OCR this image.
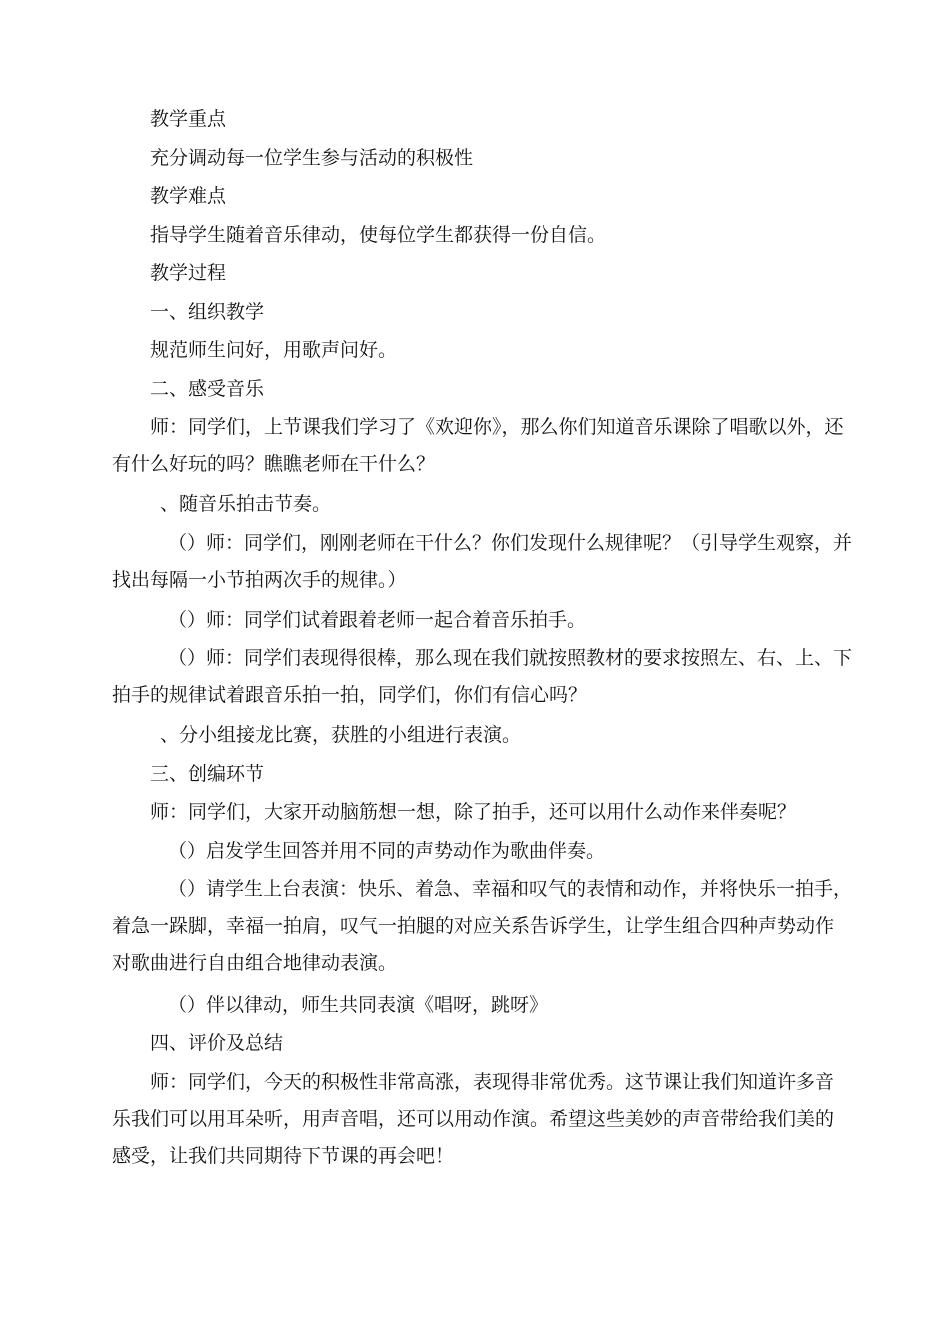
教学重点

充分调动每一位学生参与活动的积极性

教学难点

指导学生随着音乐律动，使每位学生都获得一份自信。

教学过程

一、组织教学

规范师生问好，用歌声问好。

二、感受音乐

师：同学们，上节课我们学习了《欢迎你》，那么你们知道音乐课除了唱歌以外，还有什么好玩的吗？瞧瞧老师在干什么？

、随音乐拍击节奏。

（）师：同学们，刚刚老师在干什么？你们发现什么规律呢？（引导学生观察，并找出每隔一小节拍两次手的规律。）

（）师：同学们试着跟着老师一起合着音乐拍手。

（）师：同学们表现得很棒，那么现在我们就按照教材的要求按照左、右、上、下拍手的规律试着跟音乐拍一拍，同学们，你们有信心吗？

、分小组接龙比赛，获胜的小组进行表演。

三、创编环节

师：同学们，大家开动脑筋想一想，除了拍手，还可以用什么动作来伴奏呢？

（）启发学生回答并用不同的声势动作为歌曲伴奏。

（）请学生上台表演：快乐、着急、幸福和叹气的表情和动作，并将快乐一拍手，着急一跺脚，幸福一拍肩，叹气一拍腿的对应关系告诉学生，让学生组合四种声势动作对歌曲进行自由组合地律动表演。

（）伴以律动，师生共同表演《唱呀，跳呀》

四、评价及总结

师：同学们，今天的积极性非常高涨，表现得非常优秀。这节课让我们知道许多音乐我们可以用耳朵听，用声音唱，还可以用动作演。希望这些美妙的声音带给我们美的感受，让我们共同期待下节课的再会吧！
